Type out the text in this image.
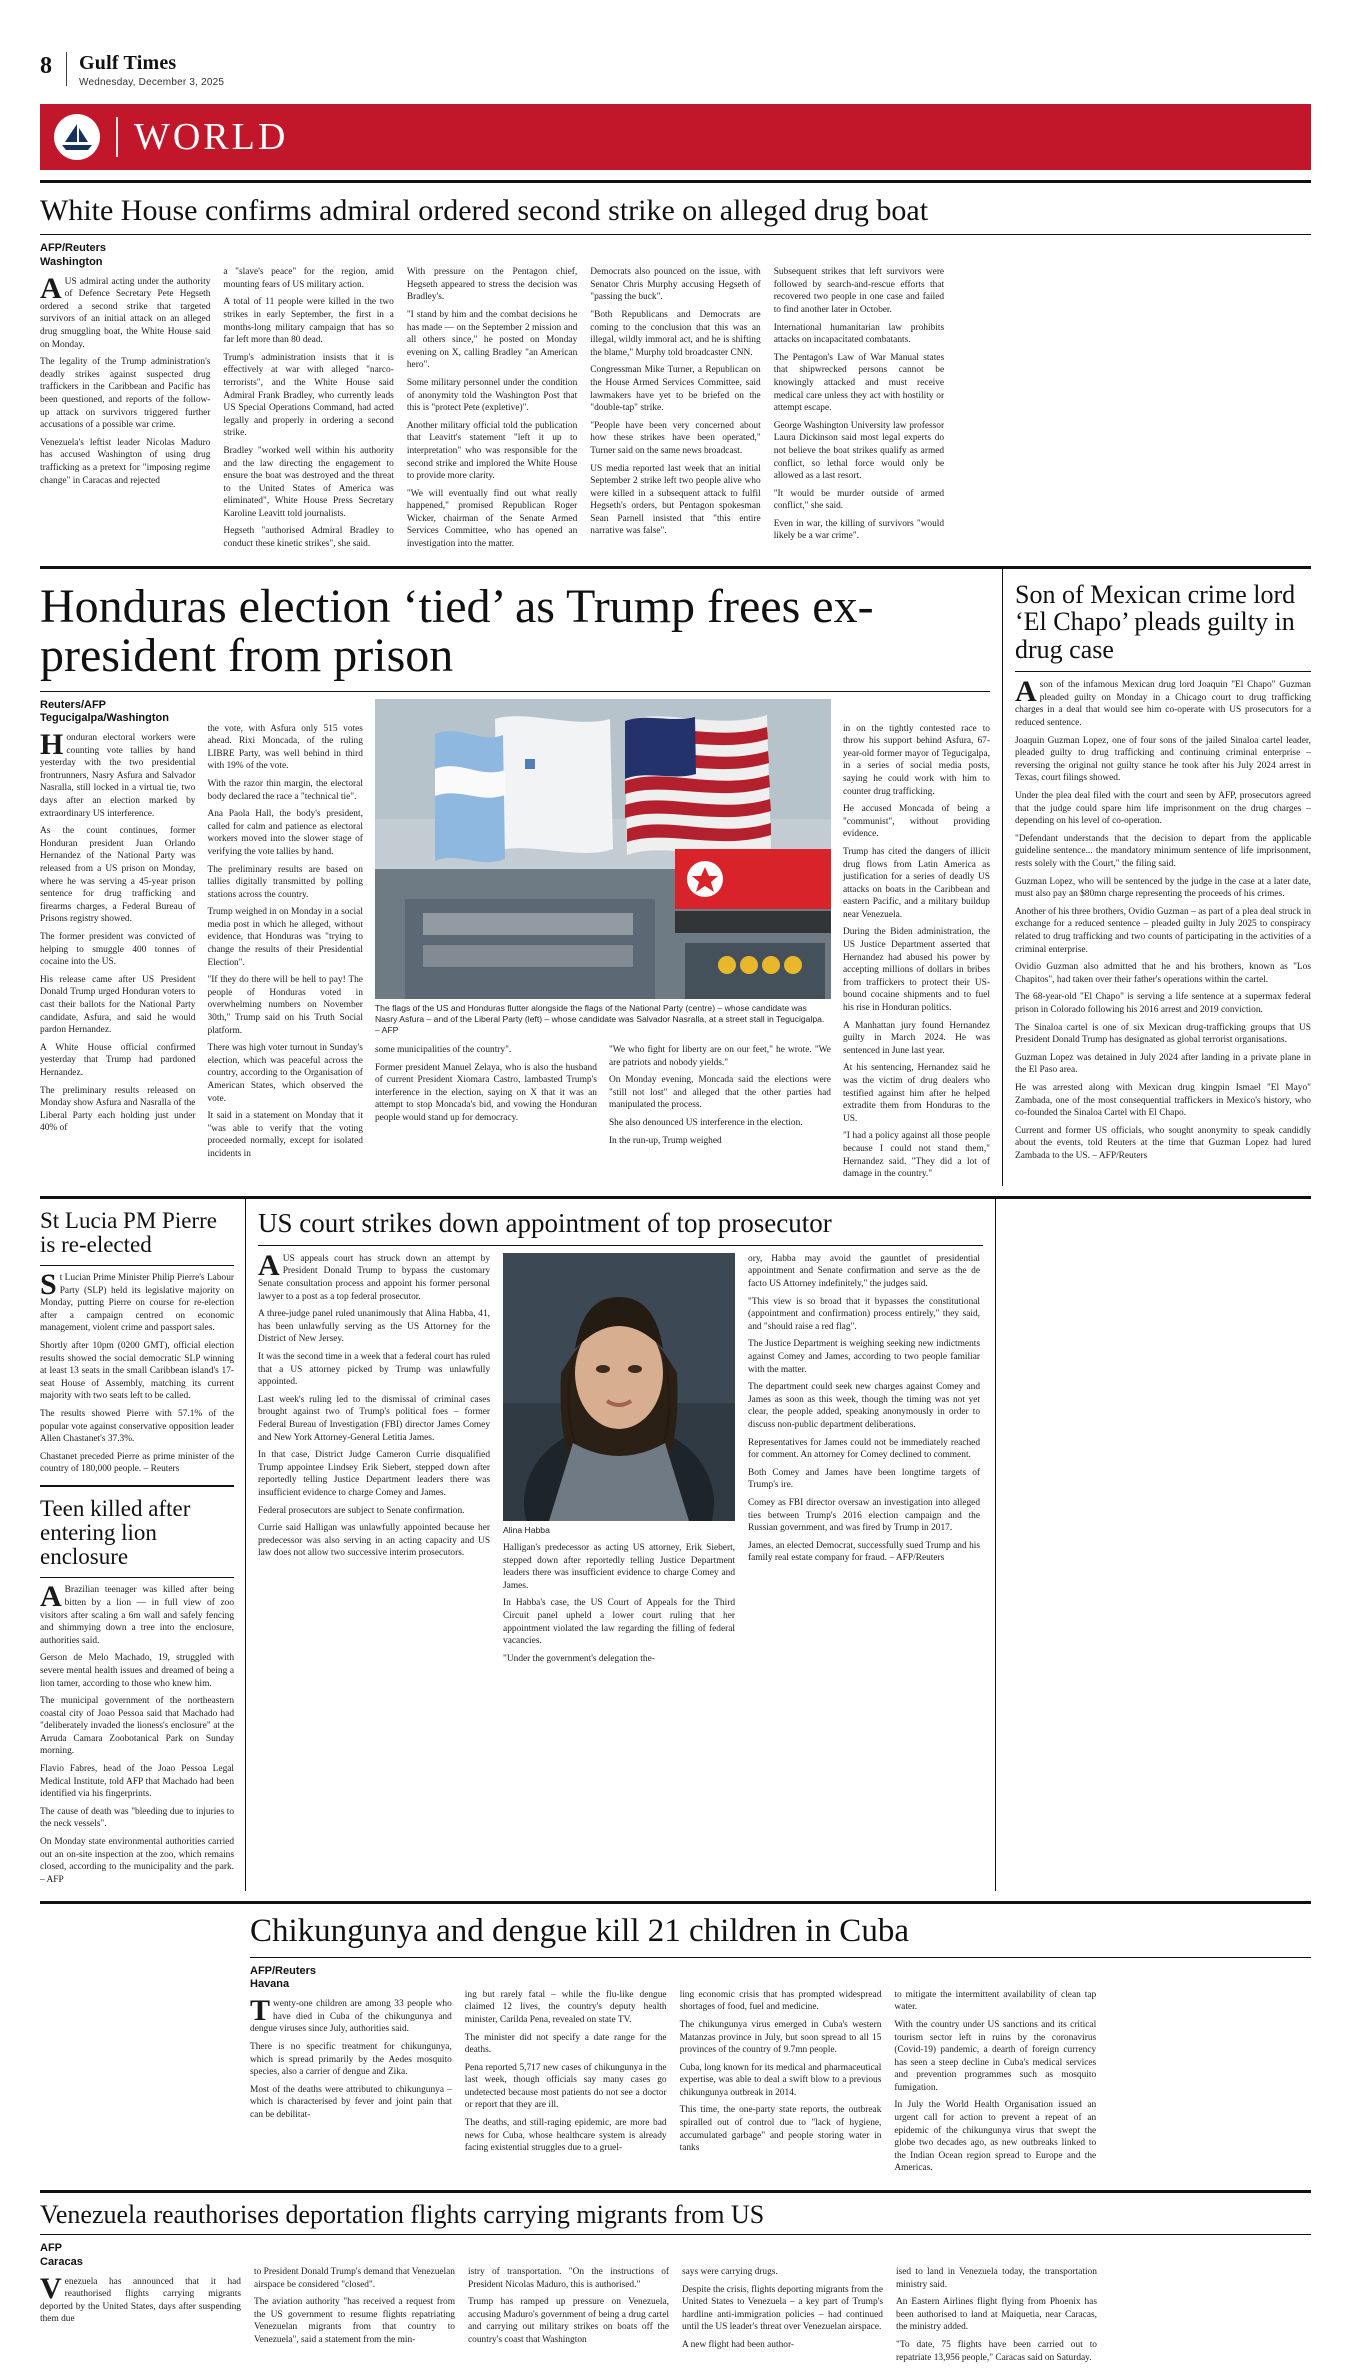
8 Gulf Times
Wednesday, December 3, 2025
WORLD
White House confirms admiral ordered second strike on alleged drug boat
AFP/Reuters
Washington

AUS admiral acting under the authority of Defence Secretary Pete Hegseth ordered a second strike that targeted survivors of an initial attack on an alleged drug smuggling boat, the White House said on Monday.

The legality of the Trump administration's deadly strikes against suspected drug traffickers in the Caribbean and Pacific has been questioned, and reports of the follow-up attack on survivors triggered further accusations of a possible war crime.

Venezuela's leftist leader Nicolas Maduro has accused Washington of using drug trafficking as a pretext for "imposing regime change" in Caracas and rejected

a "slave's peace" for the region, amid mounting fears of US military action.

A total of 11 people were killed in the two strikes in early September, the first in a months-long military campaign that has so far left more than 80 dead.

Trump's administration insists that it is effectively at war with alleged "narco-terrorists", and the White House said Admiral Frank Bradley, who currently leads US Special Operations Command, had acted legally and properly in ordering a second strike.

Bradley "worked well within his authority and the law directing the engagement to ensure the boat was destroyed and the threat to the United States of America was eliminated", White House Press Secretary Karoline Leavitt told journalists.

Hegseth "authorised Admiral Bradley to conduct these kinetic strikes", she said.

With pressure on the Pentagon chief, Hegseth appeared to stress the decision was Bradley's.

"I stand by him and the combat decisions he has made — on the September 2 mission and all others since," he posted on Monday evening on X, calling Bradley "an American hero".

Some military personnel under the condition of anonymity told the Washington Post that this is "protect Pete (expletive)".

Another military official told the publication that Leavitt's statement "left it up to interpretation" who was responsible for the second strike and implored the White House to provide more clarity.

"We will eventually find out what really happened," promised Republican Roger Wicker, chairman of the Senate Armed Services Committee, who has opened an investigation into the matter.

Democrats also pounced on the issue, with Senator Chris Murphy accusing Hegseth of "passing the buck".

"Both Republicans and Democrats are coming to the conclusion that this was an illegal, wildly immoral act, and he is shifting the blame," Murphy told broadcaster CNN.

Congressman Mike Turner, a Republican on the House Armed Services Committee, said lawmakers have yet to be briefed on the "double-tap" strike.

"People have been very concerned about how these strikes have been operated," Turner said on the same news broadcast.

US media reported last week that an initial September 2 strike left two people alive who were killed in a subsequent attack to fulfil Hegseth's orders, but Pentagon spokesman Sean Parnell insisted that "this entire narrative was false".

Subsequent strikes that left survivors were followed by search-and-rescue efforts that recovered two people in one case and failed to find another later in October.

International humanitarian law prohibits attacks on incapacitated combatants.

The Pentagon's Law of War Manual states that shipwrecked persons cannot be knowingly attacked and must receive medical care unless they act with hostility or attempt escape.

George Washington University law professor Laura Dickinson said most legal experts do not believe the boat strikes qualify as armed conflict, so lethal force would only be allowed as a last resort.

"It would be murder outside of armed conflict," she said.

Even in war, the killing of survivors "would likely be a war crime".

Honduras election ‘tied’ as Trump frees ex-president from prison
Reuters/AFP
Tegucigalpa/Washington

Honduran electoral workers were counting vote tallies by hand yesterday with the two presidential frontrunners, Nasry Asfura and Salvador Nasralla, still locked in a virtual tie, two days after an election marked by extraordinary US interference.

As the count continues, former Honduran president Juan Orlando Hernandez of the National Party was released from a US prison on Monday, where he was serving a 45-year prison sentence for drug trafficking and firearms charges, a Federal Bureau of Prisons registry showed.

The former president was convicted of helping to smuggle 400 tonnes of cocaine into the US.

His release came after US President Donald Trump urged Honduran voters to cast their ballots for the National Party candidate, Asfura, and said he would pardon Hernandez.

A White House official confirmed yesterday that Trump had pardoned Hernandez.

The preliminary results released on Monday show Asfura and Nasralla of the Liberal Party each holding just under 40% of

the vote, with Asfura only 515 votes ahead. Rixi Moncada, of the ruling LIBRE Party, was well behind in third with 19% of the vote.

With the razor thin margin, the electoral body declared the race a "technical tie".

Ana Paola Hall, the body's president, called for calm and patience as electoral workers moved into the slower stage of verifying the vote tallies by hand.

The preliminary results are based on tallies digitally transmitted by polling stations across the country.

Trump weighed in on Monday in a social media post in which he alleged, without evidence, that Honduras was "trying to change the results of their Presidential Election".

"If they do there will be hell to pay! The people of Honduras voted in overwhelming numbers on November 30th," Trump said on his Truth Social platform.

There was high voter turnout in Sunday's election, which was peaceful across the country, according to the Organisation of American States, which observed the vote.

It said in a statement on Monday that it "was able to verify that the voting proceeded normally, except for isolated incidents in

The flags of the US and Honduras flutter alongside the flags of the National Party (centre) – whose candidate was Nasry Asfura – and of the Liberal Party (left) – whose candidate was Salvador Nasralla, at a street stall in Tegucigalpa. – AFP

some municipalities of the country".

Former president Manuel Zelaya, who is also the husband of current President Xiomara Castro, lambasted Trump's interference in the election, saying on X that it was an attempt to stop Moncada's bid, and vowing the Honduran people would stand up for democracy.

"We who fight for liberty are on our feet," he wrote. "We are patriots and nobody yields."

On Monday evening, Moncada said the elections were "still not lost" and alleged that the other parties had manipulated the process.

She also denounced US interference in the election.

In the run-up, Trump weighed

in on the tightly contested race to throw his support behind Asfura, 67-year-old former mayor of Tegucigalpa, in a series of social media posts, saying he could work with him to counter drug trafficking.

He accused Moncada of being a "communist", without providing evidence.

Trump has cited the dangers of illicit drug flows from Latin America as justification for a series of deadly US attacks on boats in the Caribbean and eastern Pacific, and a military buildup near Venezuela.

During the Biden administration, the US Justice Department asserted that Hernandez had abused his power by accepting millions of dollars in bribes from traffickers to protect their US-bound cocaine shipments and to fuel his rise in Honduran politics.

A Manhattan jury found Hernandez guilty in March 2024. He was sentenced in June last year.

At his sentencing, Hernandez said he was the victim of drug dealers who testified against him after he helped extradite them from Honduras to the US.

"I had a policy against all those people because I could not stand them," Hernandez said. "They did a lot of damage in the country."

Son of Mexican crime lord ‘El Chapo’ pleads guilty in drug case

Ason of the infamous Mexican drug lord Joaquin "El Chapo" Guzman pleaded guilty on Monday in a Chicago court to drug trafficking charges in a deal that would see him co-operate with US prosecutors for a reduced sentence.

Joaquin Guzman Lopez, one of four sons of the jailed Sinaloa cartel leader, pleaded guilty to drug trafficking and continuing criminal enterprise – reversing the original not guilty stance he took after his July 2024 arrest in Texas, court filings showed.

Under the plea deal filed with the court and seen by AFP, prosecutors agreed that the judge could spare him life imprisonment on the drug charges – depending on his level of co-operation.

"Defendant understands that the decision to depart from the applicable guideline sentence... the mandatory minimum sentence of life imprisonment, rests solely with the Court," the filing said.

Guzman Lopez, who will be sentenced by the judge in the case at a later date, must also pay an $80mn charge representing the proceeds of his crimes.

Another of his three brothers, Ovidio Guzman – as part of a plea deal struck in exchange for a reduced sentence – pleaded guilty in July 2025 to conspiracy related to drug trafficking and two counts of participating in the activities of a criminal enterprise.

Ovidio Guzman also admitted that he and his brothers, known as "Los Chapitos", had taken over their father's operations within the cartel.

The 68-year-old "El Chapo" is serving a life sentence at a supermax federal prison in Colorado following his 2016 arrest and 2019 conviction.

The Sinaloa cartel is one of six Mexican drug-trafficking groups that US President Donald Trump has designated as global terrorist organisations.

Guzman Lopez was detained in July 2024 after landing in a private plane in the El Paso area.

He was arrested along with Mexican drug kingpin Ismael "El Mayo" Zambada, one of the most consequential traffickers in Mexico's history, who co-founded the Sinaloa Cartel with El Chapo.

Current and former US officials, who sought anonymity to speak candidly about the events, told Reuters at the time that Guzman Lopez had lured Zambada to the US. – AFP/Reuters

St Lucia PM Pierre is re-elected

St Lucian Prime Minister Philip Pierre's Labour Party (SLP) held its legislative majority on Monday, putting Pierre on course for re-election after a campaign centred on economic management, violent crime and passport sales.

Shortly after 10pm (0200 GMT), official election results showed the social democratic SLP winning at least 13 seats in the small Caribbean island's 17-seat House of Assembly, matching its current majority with two seats left to be called.

The results showed Pierre with 57.1% of the popular vote against conservative opposition leader Allen Chastanet's 37.3%.

Chastanet preceded Pierre as prime minister of the country of 180,000 people. – Reuters

Teen killed after entering lion enclosure

ABrazilian teenager was killed after being bitten by a lion — in full view of zoo visitors after scaling a 6m wall and safely fencing and shimmying down a tree into the enclosure, authorities said.

Gerson de Melo Machado, 19, struggled with severe mental health issues and dreamed of being a lion tamer, according to those who knew him.

The municipal government of the northeastern coastal city of Joao Pessoa said that Machado had "deliberately invaded the lioness's enclosure" at the Arruda Camara Zoobotanical Park on Sunday morning.

Flavio Fabres, head of the Joao Pessoa Legal Medical Institute, told AFP that Machado had been identified via his fingerprints.

The cause of death was "bleeding due to injuries to the neck vessels".

On Monday state environmental authorities carried out an on-site inspection at the zoo, which remains closed, according to the municipality and the park. – AFP

US court strikes down appointment of top prosecutor

AUS appeals court has struck down an attempt by President Donald Trump to bypass the customary Senate consultation process and appoint his former personal lawyer to a post as a top federal prosecutor.

A three-judge panel ruled unanimously that Alina Habba, 41, has been unlawfully serving as the US Attorney for the District of New Jersey.

It was the second time in a week that a federal court has ruled that a US attorney picked by Trump was unlawfully appointed.

Last week's ruling led to the dismissal of criminal cases brought against two of Trump's political foes – former Federal Bureau of Investigation (FBI) director James Comey and New York Attorney-General Letitia James.

In that case, District Judge Cameron Currie disqualified Trump appointee Lindsey Erik Siebert, stepped down after reportedly telling Justice Department leaders there was insufficient evidence to charge Comey and James.

Federal prosecutors are subject to Senate confirmation.

Currie said Halligan was unlawfully appointed because her predecessor was also serving in an acting capacity and US law does not allow two successive interim prosecutors.

Alina Habba

Halligan's predecessor as acting US attorney, Erik Siebert, stepped down after reportedly telling Justice Department leaders there was insufficient evidence to charge Comey and James.

In Habba's case, the US Court of Appeals for the Third Circuit panel upheld a lower court ruling that her appointment violated the law regarding the filling of federal vacancies.

"Under the government's delegation the-

ory, Habba may avoid the gauntlet of presidential appointment and Senate confirmation and serve as the de facto US Attorney indefinitely," the judges said.

"This view is so broad that it bypasses the constitutional (appointment and confirmation) process entirely," they said, and "should raise a red flag".

The Justice Department is weighing seeking new indictments against Comey and James, according to two people familiar with the matter.

The department could seek new charges against Comey and James as soon as this week, though the timing was not yet clear, the people added, speaking anonymously in order to discuss non-public department deliberations.

Representatives for James could not be immediately reached for comment. An attorney for Comey declined to comment.

Both Comey and James have been longtime targets of Trump's ire.

Comey as FBI director oversaw an investigation into alleged ties between Trump's 2016 election campaign and the Russian government, and was fired by Trump in 2017.

James, an elected Democrat, successfully sued Trump and his family real estate company for fraud. – AFP/Reuters

Chikungunya and dengue kill 21 children in Cuba
AFP/Reuters
Havana

Twenty-one children are among 33 people who have died in Cuba of the chikungunya and dengue viruses since July, authorities said.

There is no specific treatment for chikungunya, which is spread primarily by the Aedes mosquito species, also a carrier of dengue and Zika.

Most of the deaths were attributed to chikungunya – which is characterised by fever and joint pain that can be debilitat-

ing but rarely fatal – while the flu-like dengue claimed 12 lives, the country's deputy health minister, Carilda Pena, revealed on state TV.

The minister did not specify a date range for the deaths.

Pena reported 5,717 new cases of chikungunya in the last week, though officials say many cases go undetected because most patients do not see a doctor or report that they are ill.

The deaths, and still-raging epidemic, are more bad news for Cuba, whose healthcare system is already facing existential struggles due to a gruel-

ling economic crisis that has prompted widespread shortages of food, fuel and medicine.

The chikungunya virus emerged in Cuba's western Matanzas province in July, but soon spread to all 15 provinces of the country of 9.7mn people.

Cuba, long known for its medical and pharmaceutical expertise, was able to deal a swift blow to a previous chikungunya outbreak in 2014.

This time, the one-party state reports, the outbreak spiralled out of control due to "lack of hygiene, accumulated garbage" and people storing water in tanks

to mitigate the intermittent availability of clean tap water.

With the country under US sanctions and its critical tourism sector left in ruins by the coronavirus (Covid-19) pandemic, a dearth of foreign currency has seen a steep decline in Cuba's medical services and prevention programmes such as mosquito fumigation.

In July the World Health Organisation issued an urgent call for action to prevent a repeat of an epidemic of the chikungunya virus that swept the globe two decades ago, as new outbreaks linked to the Indian Ocean region spread to Europe and the Americas.

Venezuela reauthorises deportation flights carrying migrants from US
AFP
Caracas

Venezuela has announced that it had reauthorised flights carrying migrants deported by the United States, days after suspending them due

to President Donald Trump's demand that Venezuelan airspace be considered "closed".

The aviation authority "has received a request from the US government to resume flights repatriating Venezuelan migrants from that country to Venezuela", said a statement from the min-

istry of transportation. "On the instructions of President Nicolas Maduro, this is authorised."

Trump has ramped up pressure on Venezuela, accusing Maduro's government of being a drug cartel and carrying out military strikes on boats off the country's coast that Washington

says were carrying drugs.

Despite the crisis, flights deporting migrants from the United States to Venezuela – a key part of Trump's hardline anti-immigration policies – had continued until the US leader's threat over Venezuelan airspace.

A new flight had been author-

ised to land in Venezuela today, the transportation ministry said.

An Eastern Airlines flight flying from Phoenix has been authorised to land at Maiquetia, near Caracas, the ministry added.

"To date, 75 flights have been carried out to repatriate 13,956 people," Caracas said on Saturday.
